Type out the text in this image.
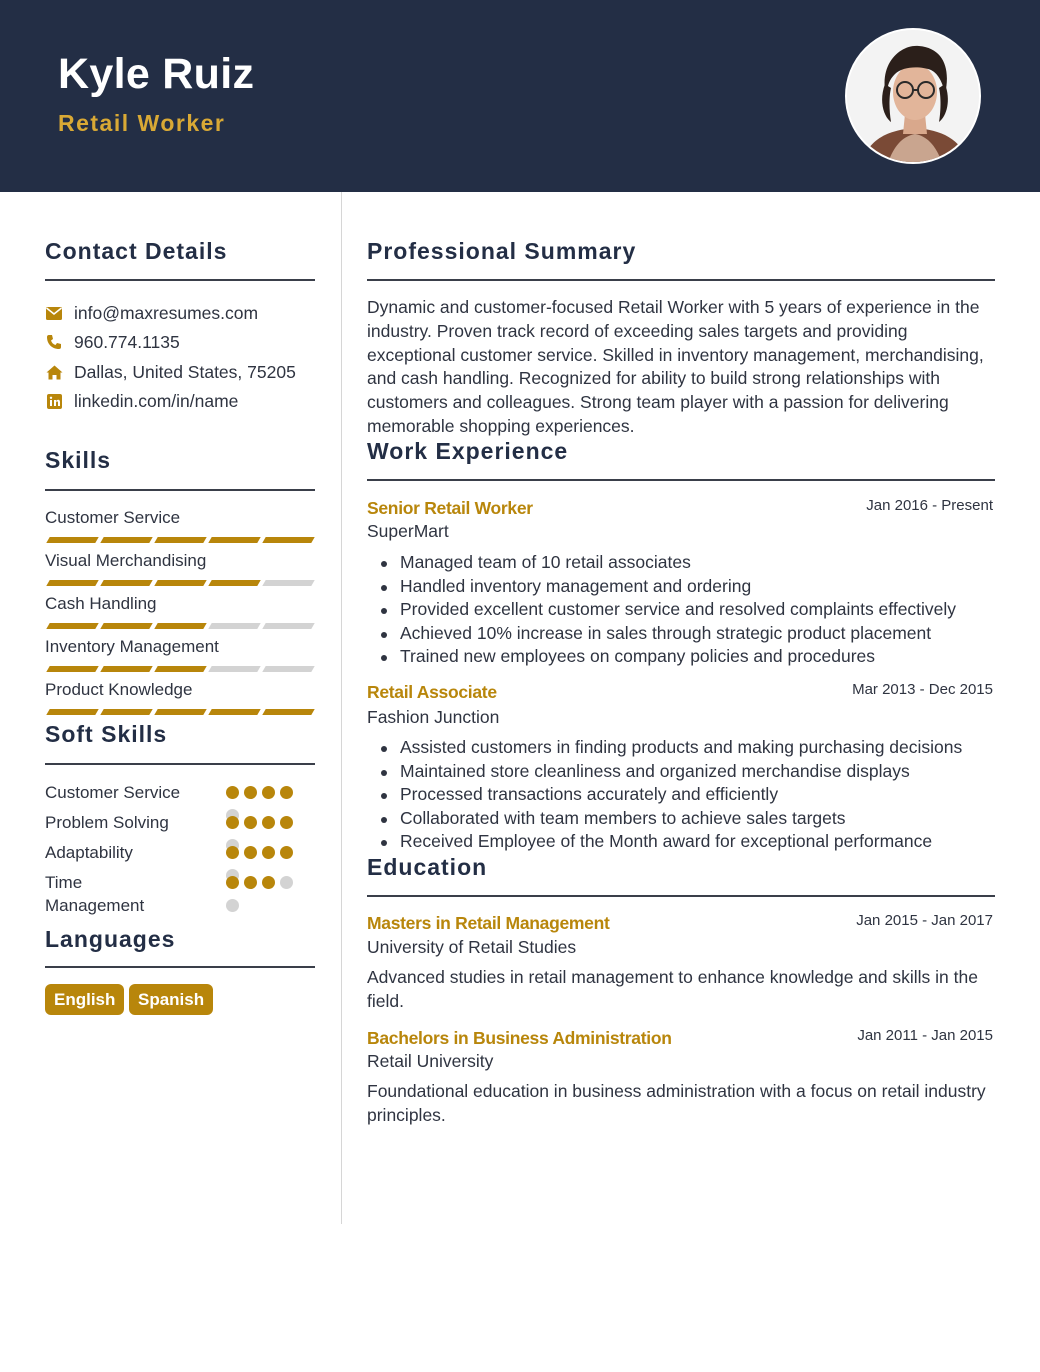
Kyle Ruiz
Retail Worker
Contact Details
info@maxresumes.com
960.774.1135
Dallas, United States, 75205
linkedin.com/in/name
Skills
Customer Service
Visual Merchandising
Cash Handling
Inventory Management
Product Knowledge
Soft Skills
Customer Service
Problem Solving
Adaptability
Time Management
Languages
English	Spanish
Professional Summary
Dynamic and customer-focused Retail Worker with 5 years of experience in the industry. Proven track record of exceeding sales targets and providing exceptional customer service. Skilled in inventory management, merchandising, and cash handling. Recognized for ability to build strong relationships with customers and colleagues. Strong team player with a passion for delivering memorable shopping experiences.
Work Experience
Senior Retail Worker	Jan 2016 - Present
SuperMart
Managed team of 10 retail associates
Handled inventory management and ordering
Provided excellent customer service and resolved complaints effectively
Achieved 10% increase in sales through strategic product placement
Trained new employees on company policies and procedures
Retail Associate	Mar 2013 - Dec 2015
Fashion Junction
Assisted customers in finding products and making purchasing decisions
Maintained store cleanliness and organized merchandise displays
Processed transactions accurately and efficiently
Collaborated with team members to achieve sales targets
Received Employee of the Month award for exceptional performance
Education
Masters in Retail Management	Jan 2015 - Jan 2017
University of Retail Studies
Advanced studies in retail management to enhance knowledge and skills in the field.
Bachelors in Business Administration	Jan 2011 - Jan 2015
Retail University
Foundational education in business administration with a focus on retail industry principles.
